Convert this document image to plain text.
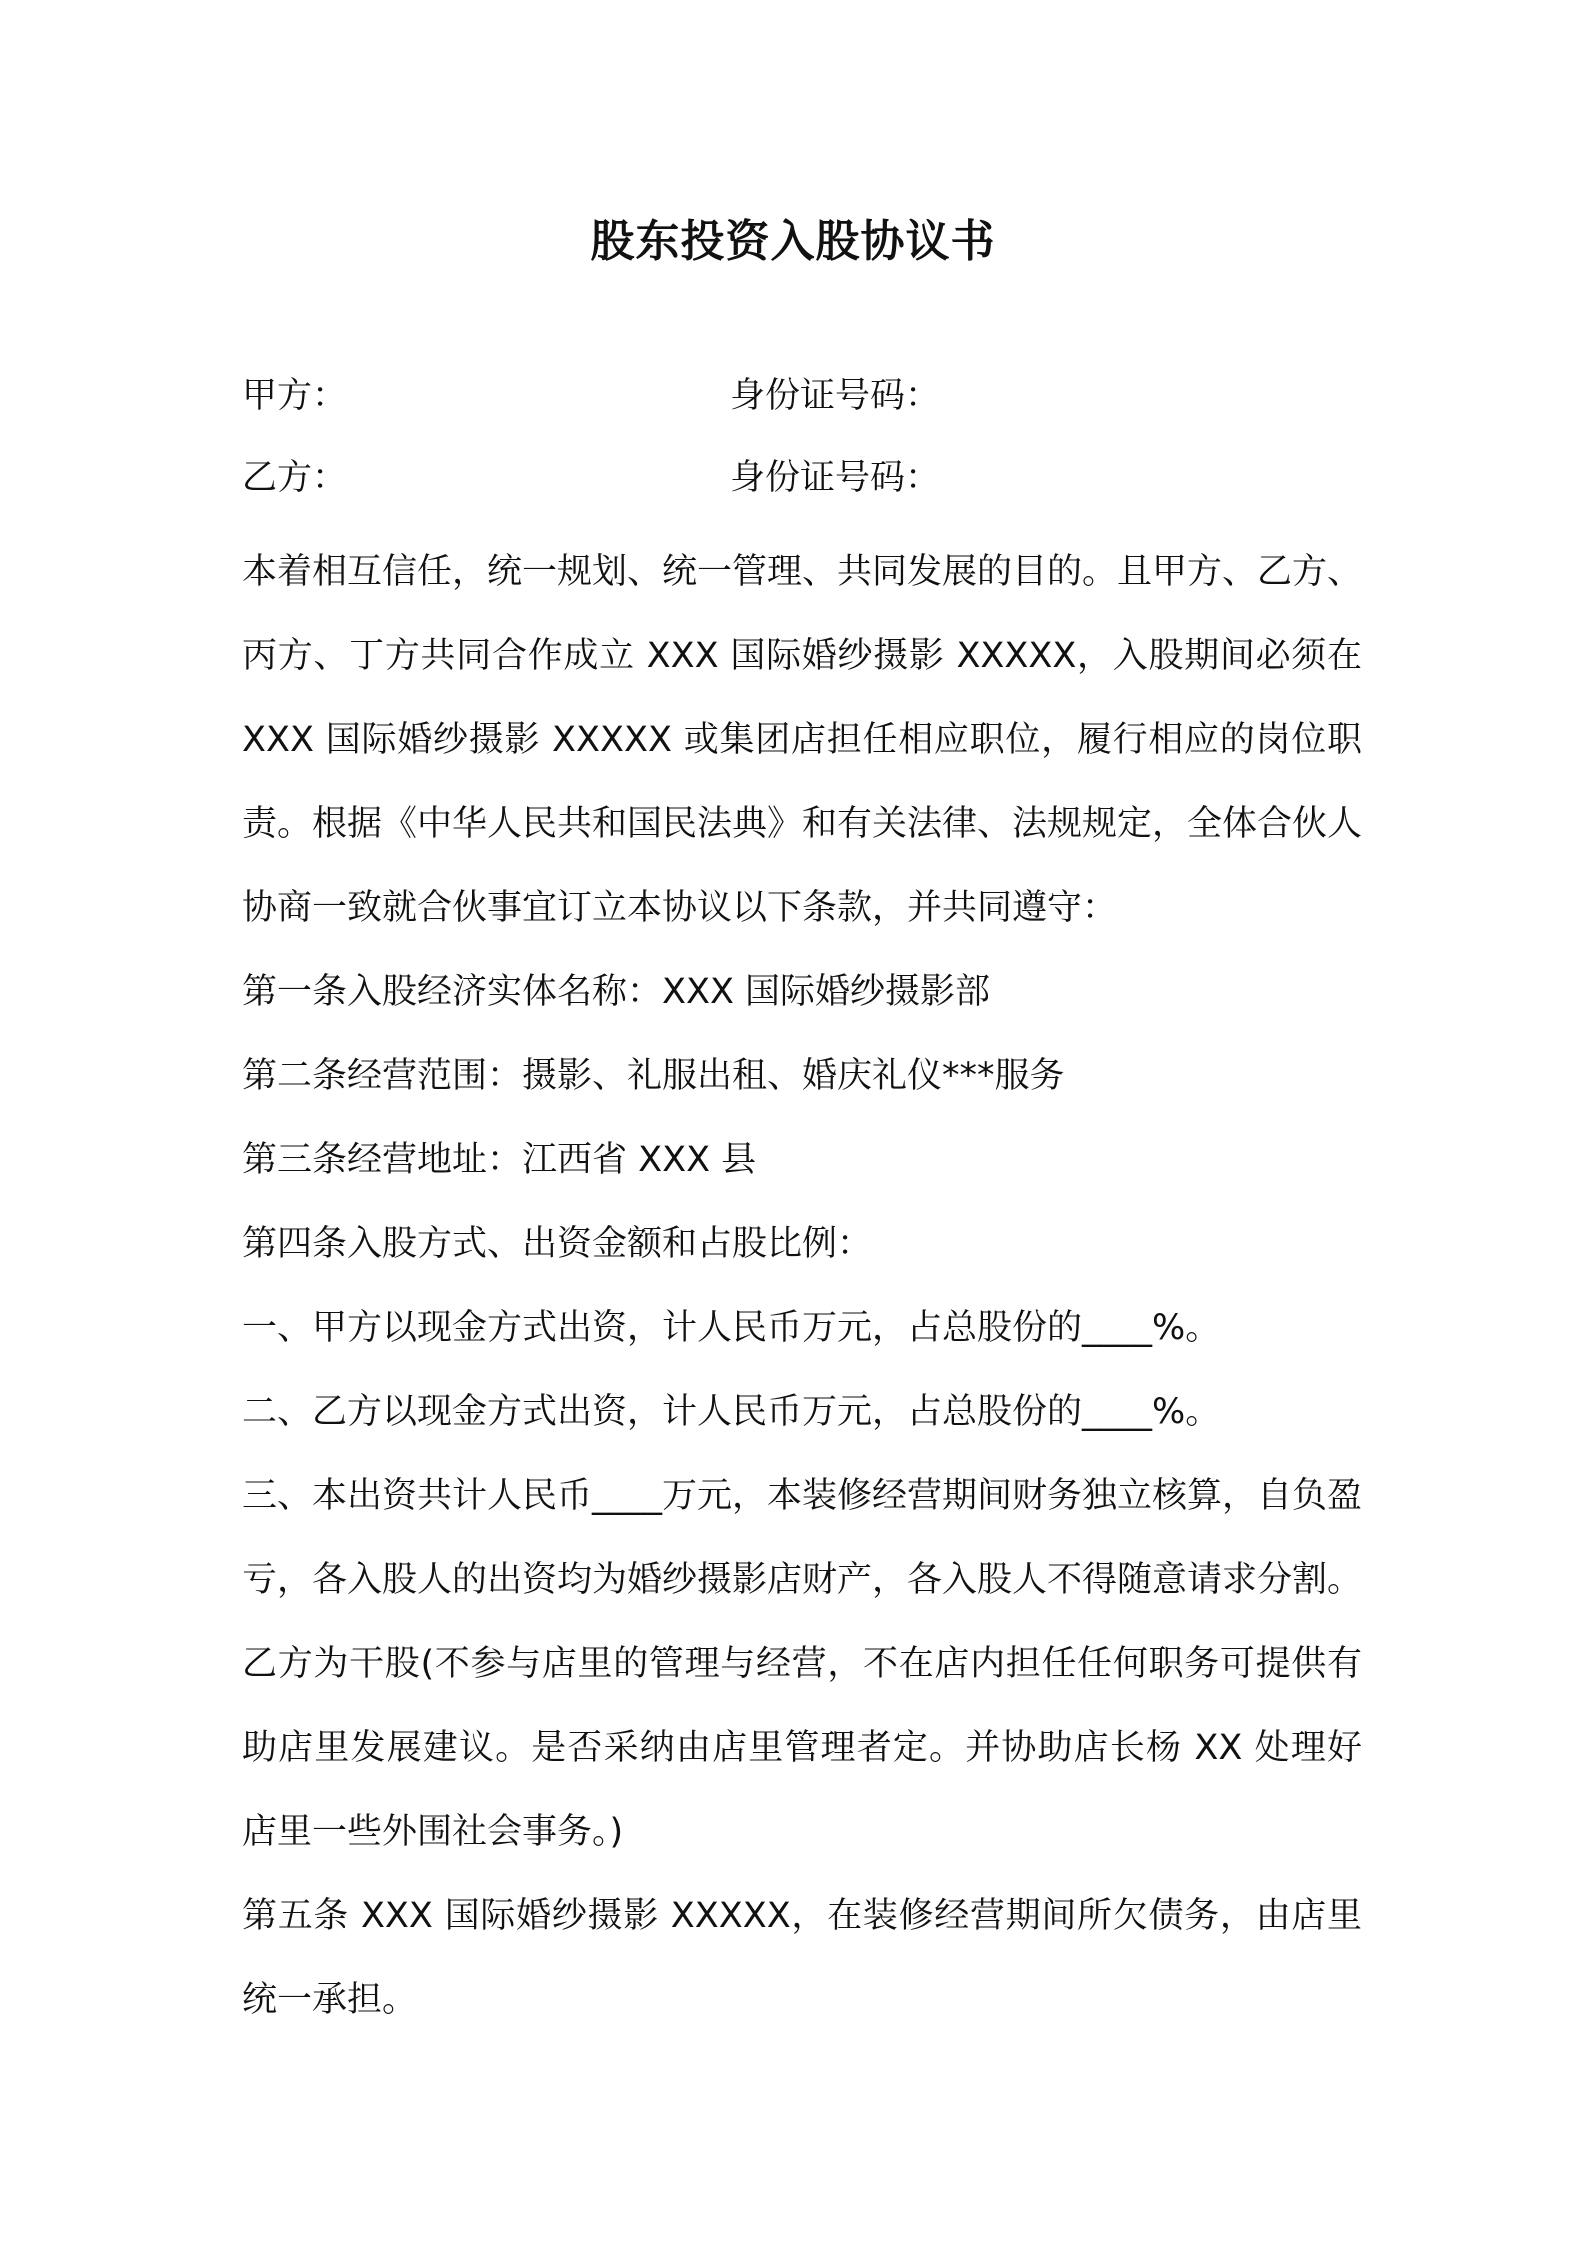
股东投资入股协议书
甲方：	身份证号码：
乙方：	身份证号码：

本着相互信任，统一规划、统一管理、共同发展的目的。且甲方、乙方、丙方、丁方共同合作成立 XXX 国际婚纱摄影 XXXXX，入股期间必须在 XXX 国际婚纱摄影 XXXXX 或集团店担任相应职位，履行相应的岗位职责。根据《中华人民共和国民法典》和有关法律、法规规定，全体合伙人协商一致就合伙事宜订立本协议以下条款，并共同遵守：

第一条入股经济实体名称：XXX 国际婚纱摄影部

第二条经营范围：摄影、礼服出租、婚庆礼仪***服务

第三条经营地址：江西省 XXX 县

第四条入股方式、出资金额和占股比例：

一、甲方以现金方式出资，计人民币万元，占总股份的____%。

二、乙方以现金方式出资，计人民币万元，占总股份的____%。

三、本出资共计人民币____万元，本装修经营期间财务独立核算，自负盈亏，各入股人的出资均为婚纱摄影店财产，各入股人不得随意请求分割。乙方为干股(不参与店里的管理与经营，不在店内担任任何职务可提供有助店里发展建议。是否采纳由店里管理者定。并协助店长杨 XX 处理好店里一些外围社会事务。)

第五条 XXX 国际婚纱摄影 XXXXX，在装修经营期间所欠债务，由店里统一承担。
